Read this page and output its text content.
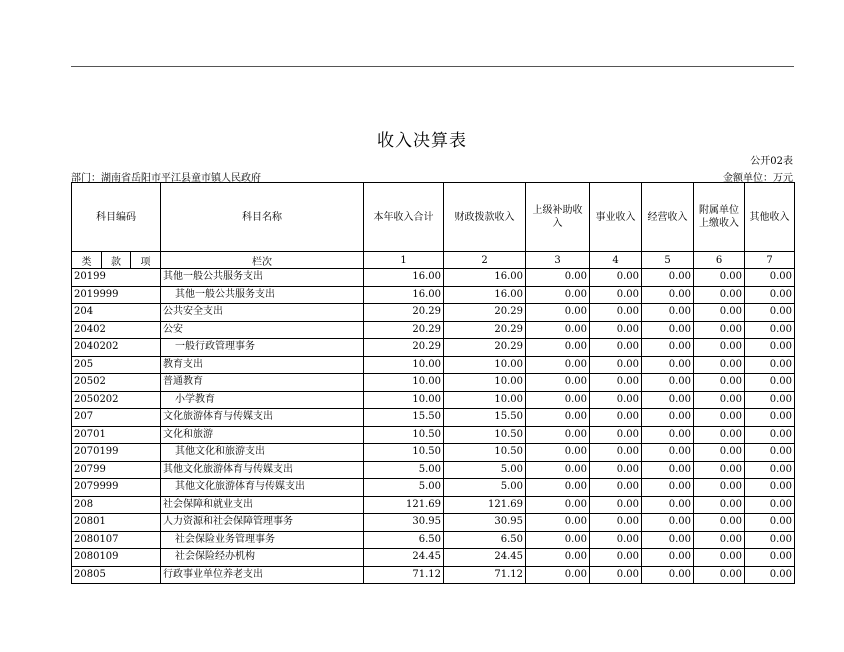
收入决算表
公开02表
部门：湖南省岳阳市平江县童市镇人民政府	金额单位：万元
科目编码			科目名称	本年收入合计	财政拨款收入	上级补助收入	事业收入	经营收入	附属单位上缴收入	其他收入
类	款	项	栏次	1	2	3	4	5	6	7
20199			其他一般公共服务支出	16.00	16.00	0.00	0.00	0.00	0.00	0.00
2019999			其他一般公共服务支出	16.00	16.00	0.00	0.00	0.00	0.00	0.00
204			公共安全支出	20.29	20.29	0.00	0.00	0.00	0.00	0.00
20402			公安	20.29	20.29	0.00	0.00	0.00	0.00	0.00
2040202			一般行政管理事务	20.29	20.29	0.00	0.00	0.00	0.00	0.00
205			教育支出	10.00	10.00	0.00	0.00	0.00	0.00	0.00
20502			普通教育	10.00	10.00	0.00	0.00	0.00	0.00	0.00
2050202			小学教育	10.00	10.00	0.00	0.00	0.00	0.00	0.00
207			文化旅游体育与传媒支出	15.50	15.50	0.00	0.00	0.00	0.00	0.00
20701			文化和旅游	10.50	10.50	0.00	0.00	0.00	0.00	0.00
2070199			其他文化和旅游支出	10.50	10.50	0.00	0.00	0.00	0.00	0.00
20799			其他文化旅游体育与传媒支出	5.00	5.00	0.00	0.00	0.00	0.00	0.00
2079999			其他文化旅游体育与传媒支出	5.00	5.00	0.00	0.00	0.00	0.00	0.00
208			社会保障和就业支出	121.69	121.69	0.00	0.00	0.00	0.00	0.00
20801			人力资源和社会保障管理事务	30.95	30.95	0.00	0.00	0.00	0.00	0.00
2080107			社会保险业务管理事务	6.50	6.50	0.00	0.00	0.00	0.00	0.00
2080109			社会保险经办机构	24.45	24.45	0.00	0.00	0.00	0.00	0.00
20805			行政事业单位养老支出	71.12	71.12	0.00	0.00	0.00	0.00	0.00
